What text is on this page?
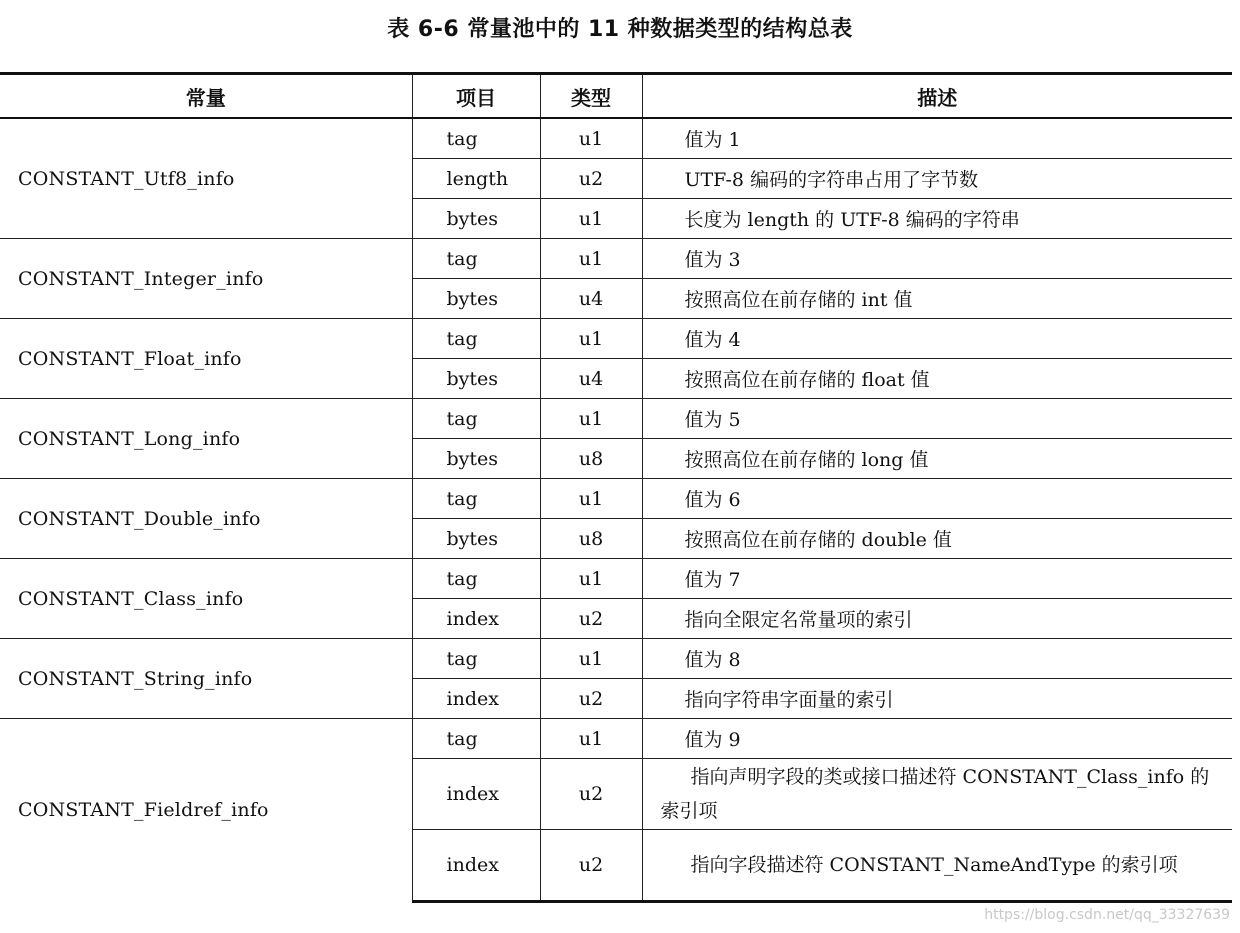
表 6-6 常量池中的 11 种数据类型的结构总表
常量	项目	类型	描述
CONSTANT_Utf8_info	tag	u1	值为 1
	length	u2	UTF-8 编码的字符串占用了字节数
	bytes	u1	长度为 length 的 UTF-8 编码的字符串
CONSTANT_Integer_info	tag	u1	值为 3
	bytes	u4	按照高位在前存储的 int 值
CONSTANT_Float_info	tag	u1	值为 4
	bytes	u4	按照高位在前存储的 float 值
CONSTANT_Long_info	tag	u1	值为 5
	bytes	u8	按照高位在前存储的 long 值
CONSTANT_Double_info	tag	u1	值为 6
	bytes	u8	按照高位在前存储的 double 值
CONSTANT_Class_info	tag	u1	值为 7
	index	u2	指向全限定名常量项的索引
CONSTANT_String_info	tag	u1	值为 8
	index	u2	指向字符串字面量的索引
CONSTANT_Fieldref_info	tag	u1	值为 9
	index	u2	指向声明字段的类或接口描述符 CONSTANT_Class_info 的索引项
	index	u2	指向字段描述符 CONSTANT_NameAndType 的索引项
https://blog.csdn.net/qq_33327639
